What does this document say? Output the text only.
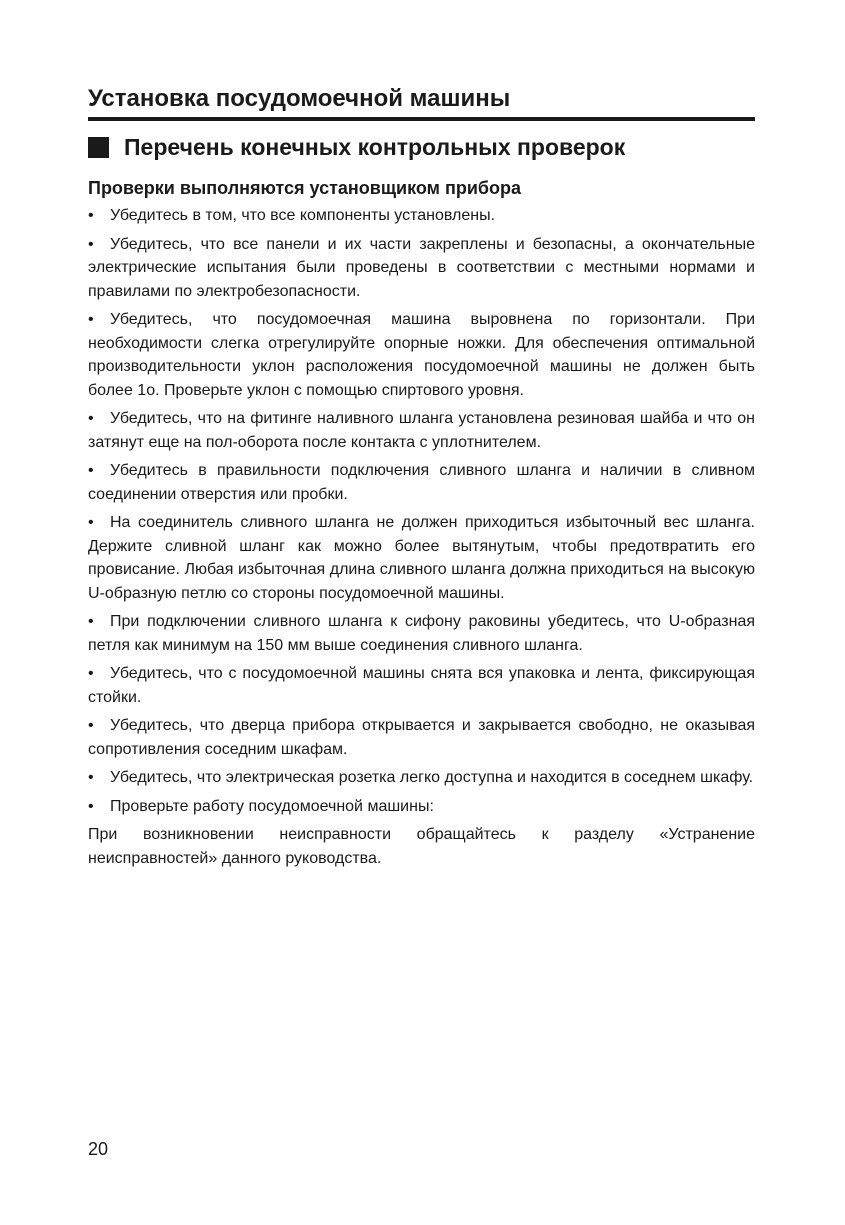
Установка посудомоечной машины
Перечень конечных контрольных проверок

Проверки выполняются установщиком прибора

• Убедитесь в том, что все компоненты установлены.

• Убедитесь, что все панели и их части закреплены и безопасны, а окончательные электрические испытания были проведены в соответствии с местными нормами и правилами по электробезопасности.

• Убедитесь, что посудомоечная машина выровнена по горизонтали. При необходимости слегка отрегулируйте опорные ножки. Для обеспечения оптимальной производительности уклон расположения посудомоечной машины не должен быть более 1о. Проверьте уклон с помощью спиртового уровня.

• Убедитесь, что на фитинге наливного шланга установлена резиновая шайба и что он затянут еще на пол-оборота после контакта с уплотнителем.

• Убедитесь в правильности подключения сливного шланга и наличии в сливном соединении отверстия или пробки.

• На соединитель сливного шланга не должен приходиться избыточный вес шланга. Держите сливной шланг как можно более вытянутым, чтобы предотвратить его провисание. Любая избыточная длина сливного шланга должна приходиться на высокую U-образную петлю со стороны посудомоечной машины.

• При подключении сливного шланга к сифону раковины убедитесь, что U-образная петля как минимум на 150 мм выше соединения сливного шланга.

• Убедитесь, что с посудомоечной машины снята вся упаковка и лента, фиксирующая стойки.

• Убедитесь, что дверца прибора открывается и закрывается свободно, не оказывая сопротивления соседним шкафам.

• Убедитесь, что электрическая розетка легко доступна и находится в соседнем шкафу.

• Проверьте работу посудомоечной машины:

При возникновении неисправности обращайтесь к разделу «Устранение неисправностей» данного руководства.

20
